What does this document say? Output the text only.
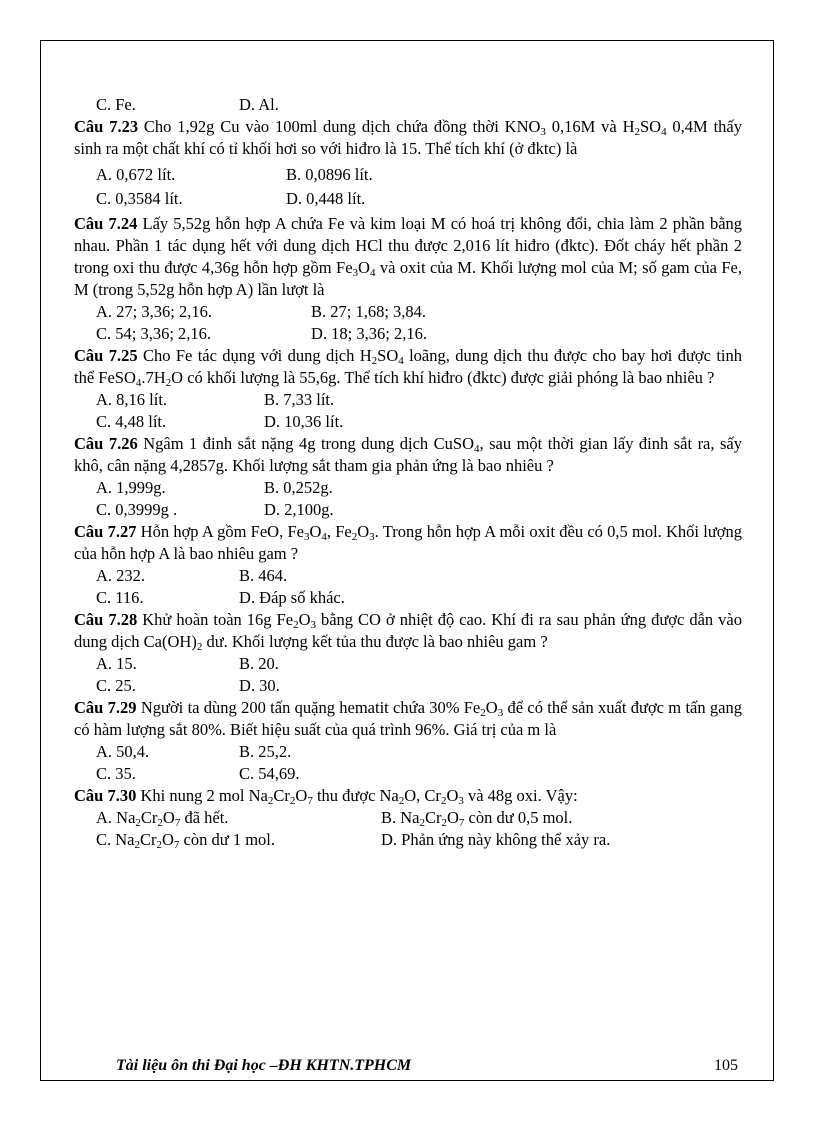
C. Fe.	D. Al.
Câu 7.23 Cho 1,92g Cu vào 100ml dung dịch chứa đồng thời $KNO_3$ 0,16M và $H_2SO_4$ 0,4M thấy sinh ra một chất khí có tỉ khối hơi so với hiđro là 15. Thể tích khí (ở đktc) là
A. 0,672 lít.	B. 0,0896 lít.
C. 0,3584 lít.	D. 0,448 lít.
Câu 7.24 Lấy 5,52g hỗn hợp A chứa Fe và kim loại M có hoá trị không đổi, chia làm 2 phần bằng nhau. Phần 1 tác dụng hết với dung dịch HCl thu được 2,016 lít hiđro (đktc). Đốt cháy hết phần 2 trong oxi thu được 4,36g hỗn hợp gồm $Fe_3O_4$ và oxit của M. Khối lượng mol của M; số gam của Fe, M (trong 5,52g hỗn hợp A) lần lượt là
A. 27; 3,36; 2,16.	B. 27; 1,68; 3,84.
C. 54; 3,36; 2,16.	D. 18; 3,36; 2,16.
Câu 7.25 Cho Fe tác dụng với dung dịch $H_2SO_4$ loãng, dung dịch thu được cho bay hơi được tinh thể $FeSO_4.7H_2O$ có khối lượng là 55,6g. Thể tích khí hiđro (đktc) được giải phóng là bao nhiêu ?
A. 8,16 lít.	B. 7,33 lít.
C. 4,48 lít.	D. 10,36 lít.
Câu 7.26 Ngâm 1 đinh sắt nặng 4g trong dung dịch CuSO$_4$, sau một thời gian lấy đinh sắt ra, sấy khô, cân nặng 4,2857g. Khối lượng sắt tham gia phản ứng là bao nhiêu ?
A. 1,999g.	B. 0,252g.
C. 0,3999g .	D. 2,100g.
Câu 7.27 Hỗn hợp A gồm FeO, $Fe_3O_4$, $Fe_2O_3$. Trong hỗn hợp A mỗi oxit đều có 0,5 mol. Khối lượng của hỗn hợp A là bao nhiêu gam ?
A. 232.	B. 464.
C. 116.	D. Đáp số khác.
Câu 7.28 Khử hoàn toàn 16g $Fe_2O_3$ bằng CO ở nhiệt độ cao. Khí đi ra sau phản ứng được dẫn vào dung dịch $Ca(OH)_2$ dư. Khối lượng kết tủa thu được là bao nhiêu gam ?
A. 15.	B. 20.
C. 25.	D. 30.
Câu 7.29 Người ta dùng 200 tấn quặng hematit chứa 30% $Fe_2O_3$ để có thể sản xuất được m tấn gang có hàm lượng sắt 80%. Biết hiệu suất của quá trình 96%. Giá trị của m là
A. 50,4.	B. 25,2.
C. 35.	C. 54,69.
Câu 7.30 Khi nung 2 mol $Na_2Cr_2O_7$ thu được $Na_2O$, $Cr_2O_3$ và 48g oxi. Vậy:
A. $Na_2Cr_2O_7$ đã hết.	B. $Na_2Cr_2O_7$ còn dư 0,5 mol.
C. $Na_2Cr_2O_7$ còn dư 1 mol.	D. Phản ứng này không thể xảy ra.
Tài liệu ôn thi Đại học –ĐH KHTN.TPHCM	105
